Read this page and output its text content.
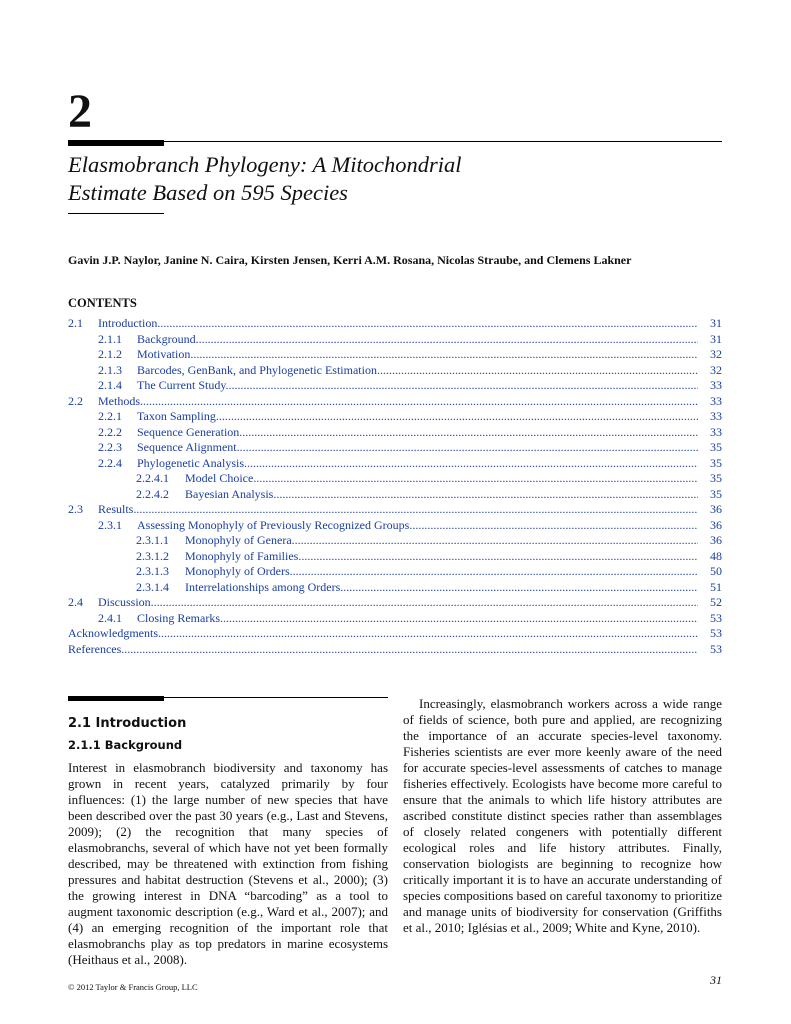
2
Elasmobranch Phylogeny: A Mitochondrial
Estimate Based on 595 Species
Gavin J.P. Naylor, Janine N. Caira, Kirsten Jensen, Kerri A.M. Rosana, Nicolas Straube, and Clemens Lakner
CONTENTS
2.1 Introduction .....	31
2.1.1 Background .....	31
2.1.2 Motivation .....	32
2.1.3 Barcodes, GenBank, and Phylogenetic Estimation .....	32
2.1.4 The Current Study .....	33
2.2 Methods .....	33
2.2.1 Taxon Sampling .....	33
2.2.2 Sequence Generation .....	33
2.2.3 Sequence Alignment .....	35
2.2.4 Phylogenetic Analysis .....	35
2.2.4.1 Model Choice .....	35
2.2.4.2 Bayesian Analysis .....	35
2.3 Results .....	36
2.3.1 Assessing Monophyly of Previously Recognized Groups .....	36
2.3.1.1 Monophyly of Genera .....	36
2.3.1.2 Monophyly of Families .....	48
2.3.1.3 Monophyly of Orders .....	50
2.3.1.4 Interrelationships among Orders .....	51
2.4 Discussion .....	52
2.4.1 Closing Remarks .....	53
Acknowledgments .....	53
References .....	53
2.1 Introduction
2.1.1 Background
Interest in elasmobranch biodiversity and taxonomy has grown in recent years, catalyzed primarily by four influences: (1) the large number of new species that have been described over the past 30 years (e.g., Last and Stevens, 2009); (2) the recognition that many species of elasmobranchs, several of which have not yet been formally described, may be threatened with extinction from fishing pressures and habitat destruction (Stevens et al., 2000); (3) the growing interest in DNA “barcoding” as a tool to augment taxonomic description (e.g., Ward et al., 2007); and (4) an emerging recognition of the important role that elasmobranchs play as top predators in marine ecosystems (Heithaus et al., 2008).
Increasingly, elasmobranch workers across a wide range of fields of science, both pure and applied, are recognizing the importance of an accurate species-level taxonomy. Fisheries scientists are ever more keenly aware of the need for accurate species-level assessments of catches to manage fisheries effectively. Ecologists have become more careful to ensure that the animals to which life history attributes are ascribed constitute distinct species rather than assemblages of closely related congeners with potentially different ecological roles and life history attributes. Finally, conservation biologists are beginning to recognize how critically important it is to have an accurate understanding of species compositions based on careful taxonomy to prioritize and manage units of biodiversity for conservation (Griffiths et al., 2010; Iglésias et al., 2009; White and Kyne, 2010).
© 2012 Taylor & Francis Group, LLC	31
